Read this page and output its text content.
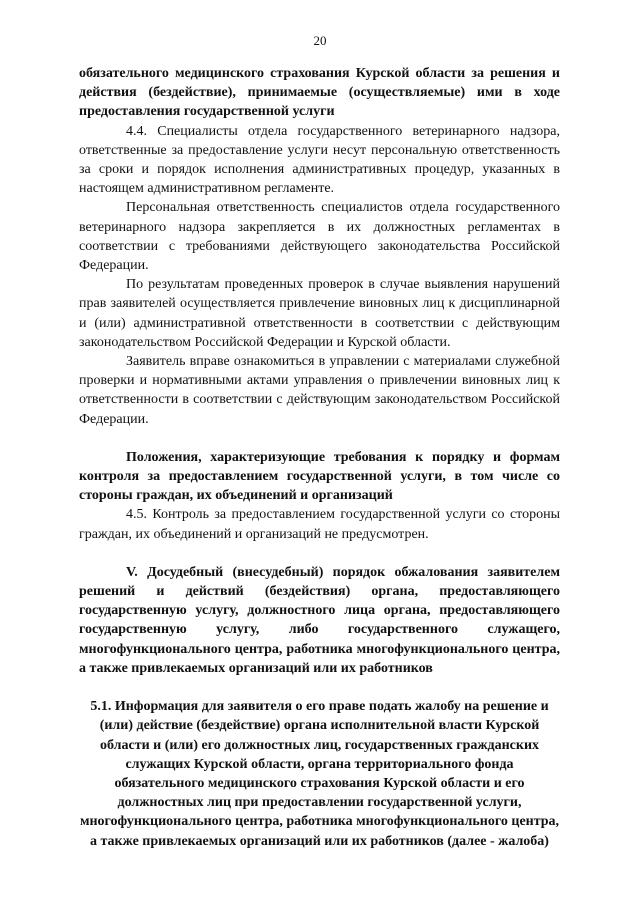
20

обязательного медицинского страхования Курской области за решения и действия (бездействие), принимаемые (осуществляемые) ими в ходе предоставления государственной услуги

4.4. Специалисты отдела государственного ветеринарного надзора, ответственные за предоставление услуги несут персональную ответственность за сроки и порядок исполнения административных процедур, указанных в настоящем административном регламенте.

Персональная ответственность специалистов отдела государственного ветеринарного надзора закрепляется в их должностных регламентах в соответствии с требованиями действующего законодательства Российской Федерации.

По результатам проведенных проверок в случае выявления нарушений прав заявителей осуществляется привлечение виновных лиц к дисциплинарной и (или) административной ответственности в соответствии с действующим законодательством Российской Федерации и Курской области.

Заявитель вправе ознакомиться в управлении с материалами служебной проверки и нормативными актами управления о привлечении виновных лиц к ответственности в соответствии с действующим законодательством Российской Федерации.

Положения, характеризующие требования к порядку и формам контроля за предоставлением государственной услуги, в том числе со стороны граждан, их объединений и организаций

4.5. Контроль за предоставлением государственной услуги со стороны граждан, их объединений и организаций не предусмотрен.

V. Досудебный (внесудебный) порядок обжалования заявителем решений и действий (бездействия) органа, предоставляющего государственную услугу, должностного лица органа, предоставляющего государственную услугу, либо государственного служащего, многофункционального центра, работника многофункционального центра, а также привлекаемых организаций или их работников

5.1. Информация для заявителя о его праве подать жалобу на решение и (или) действие (бездействие) органа исполнительной власти Курской области и (или) его должностных лиц, государственных гражданских служащих Курской области, органа территориального фонда обязательного медицинского страхования Курской области и его должностных лиц при предоставлении государственной услуги, многофункционального центра, работника многофункционального центра, а также привлекаемых организаций или их работников (далее - жалоба)
